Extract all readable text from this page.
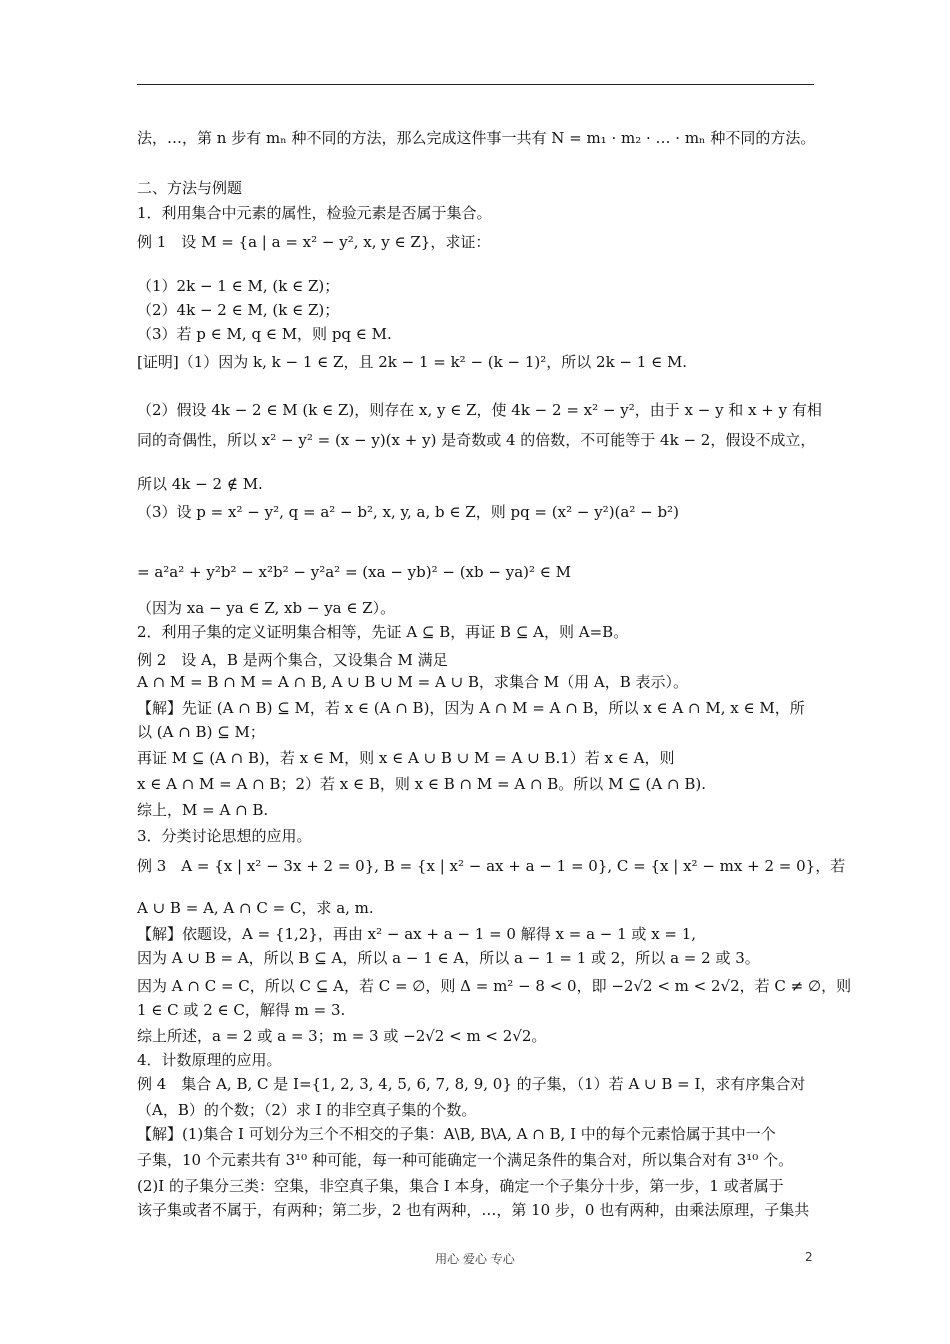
法，…，第 n 步有 mₙ 种不同的方法，那么完成这件事一共有 N = m₁ · m₂ · … · mₙ 种不同的方法。
二、方法与例题
1．利用集合中元素的属性，检验元素是否属于集合。
例 1　设 M = {a | a = x² − y², x, y ∈ Z}，求证：
（1）2k − 1 ∈ M, (k ∈ Z)；
（2）4k − 2 ∈ M, (k ∈ Z)；
（3）若 p ∈ M, q ∈ M，则 pq ∈ M.
[证明]（1）因为 k, k − 1 ∈ Z，且 2k − 1 = k² − (k − 1)²，所以 2k − 1 ∈ M.
（2）假设 4k − 2 ∈ M (k ∈ Z)，则存在 x, y ∈ Z，使 4k − 2 = x² − y²，由于 x − y 和 x + y 有相
同的奇偶性，所以 x² − y² = (x − y)(x + y) 是奇数或 4 的倍数，不可能等于 4k − 2，假设不成立，
所以 4k − 2 ∉ M.
（3）设 p = x² − y², q = a² − b², x, y, a, b ∈ Z，则 pq = (x² − y²)(a² − b²)
= a²a² + y²b² − x²b² − y²a² = (xa − yb)² − (xb − ya)² ∈ M
（因为 xa − ya ∈ Z, xb − ya ∈ Z）。
2．利用子集的定义证明集合相等，先证 A ⊆ B，再证 B ⊆ A，则 A=B。
例 2　设 A，B 是两个集合，又设集合 M 满足
A ∩ M = B ∩ M = A ∩ B, A ∪ B ∪ M = A ∪ B，求集合 M（用 A，B 表示）。
【解】先证 (A ∩ B) ⊆ M，若 x ∈ (A ∩ B)，因为 A ∩ M = A ∩ B，所以 x ∈ A ∩ M, x ∈ M，所
以 (A ∩ B) ⊆ M；
再证 M ⊆ (A ∩ B)，若 x ∈ M，则 x ∈ A ∪ B ∪ M = A ∪ B.1）若 x ∈ A，则
x ∈ A ∩ M = A ∩ B；2）若 x ∈ B，则 x ∈ B ∩ M = A ∩ B。所以 M ⊆ (A ∩ B).
综上，M = A ∩ B.
3．分类讨论思想的应用。
例 3　A = {x | x² − 3x + 2 = 0}, B = {x | x² − ax + a − 1 = 0}, C = {x | x² − mx + 2 = 0}，若
A ∪ B = A, A ∩ C = C，求 a, m.
【解】依题设，A = {1,2}，再由 x² − ax + a − 1 = 0 解得 x = a − 1 或 x = 1,
因为 A ∪ B = A，所以 B ⊆ A，所以 a − 1 ∈ A，所以 a − 1 = 1 或 2，所以 a = 2 或 3。
因为 A ∩ C = C，所以 C ⊆ A，若 C = ∅，则 Δ = m² − 8 < 0，即 −2√2 < m < 2√2，若 C ≠ ∅，则
1 ∈ C 或 2 ∈ C，解得 m = 3.
综上所述，a = 2 或 a = 3；m = 3 或 −2√2 < m < 2√2。
4．计数原理的应用。
例 4　集合 A, B, C 是 I={1, 2, 3, 4, 5, 6, 7, 8, 9, 0} 的子集，（1）若 A ∪ B = I，求有序集合对
（A，B）的个数；（2）求 I 的非空真子集的个数。
【解】(1)集合 I 可划分为三个不相交的子集：A\B, B\A, A ∩ B, I 中的每个元素恰属于其中一个
子集，10 个元素共有 3¹⁰ 种可能，每一种可能确定一个满足条件的集合对，所以集合对有 3¹⁰ 个。
(2)I 的子集分三类：空集，非空真子集，集合 I 本身，确定一个子集分十步，第一步，1 或者属于
该子集或者不属于，有两种；第二步，2 也有两种，…，第 10 步，0 也有两种，由乘法原理，子集共
用心 爱心 专心	2
